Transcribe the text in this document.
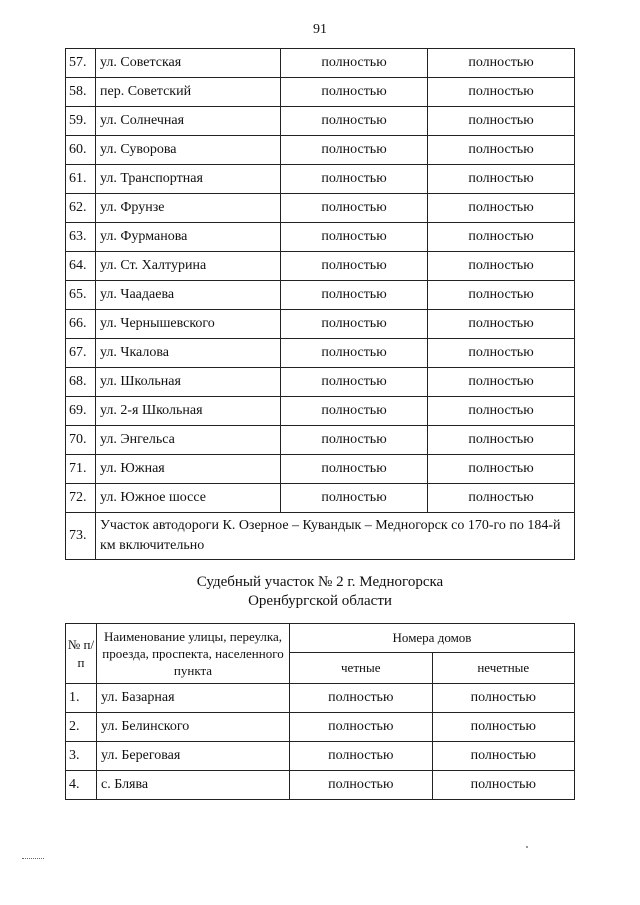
91
57.	ул. Советская	полностью	полностью
58.	пер. Советский	полностью	полностью
59.	ул. Солнечная	полностью	полностью
60.	ул. Суворова	полностью	полностью
61.	ул. Транспортная	полностью	полностью
62.	ул. Фрунзе	полностью	полностью
63.	ул. Фурманова	полностью	полностью
64.	ул. Ст. Халтурина	полностью	полностью
65.	ул. Чаадаева	полностью	полностью
66.	ул. Чернышевского	полностью	полностью
67.	ул. Чкалова	полностью	полностью
68.	ул. Школьная	полностью	полностью
69.	ул. 2-я Школьная	полностью	полностью
70.	ул. Энгельса	полностью	полностью
71.	ул. Южная	полностью	полностью
72.	ул. Южное шоссе	полностью	полностью
73.	Участок автодороги К. Озерное – Кувандык – Медногорск со 170-го по 184-й км включительно		
Судебный участок № 2 г. Медногорска
Оренбургской области
№ п/п	Наименование улицы, переулка, проезда, проспекта, населенного пункта	Номера домов	
		четные	нечетные
1.	ул. Базарная	полностью	полностью
2.	ул. Белинского	полностью	полностью
3.	ул. Береговая	полностью	полностью
4.	с. Блява	полностью	полностью
